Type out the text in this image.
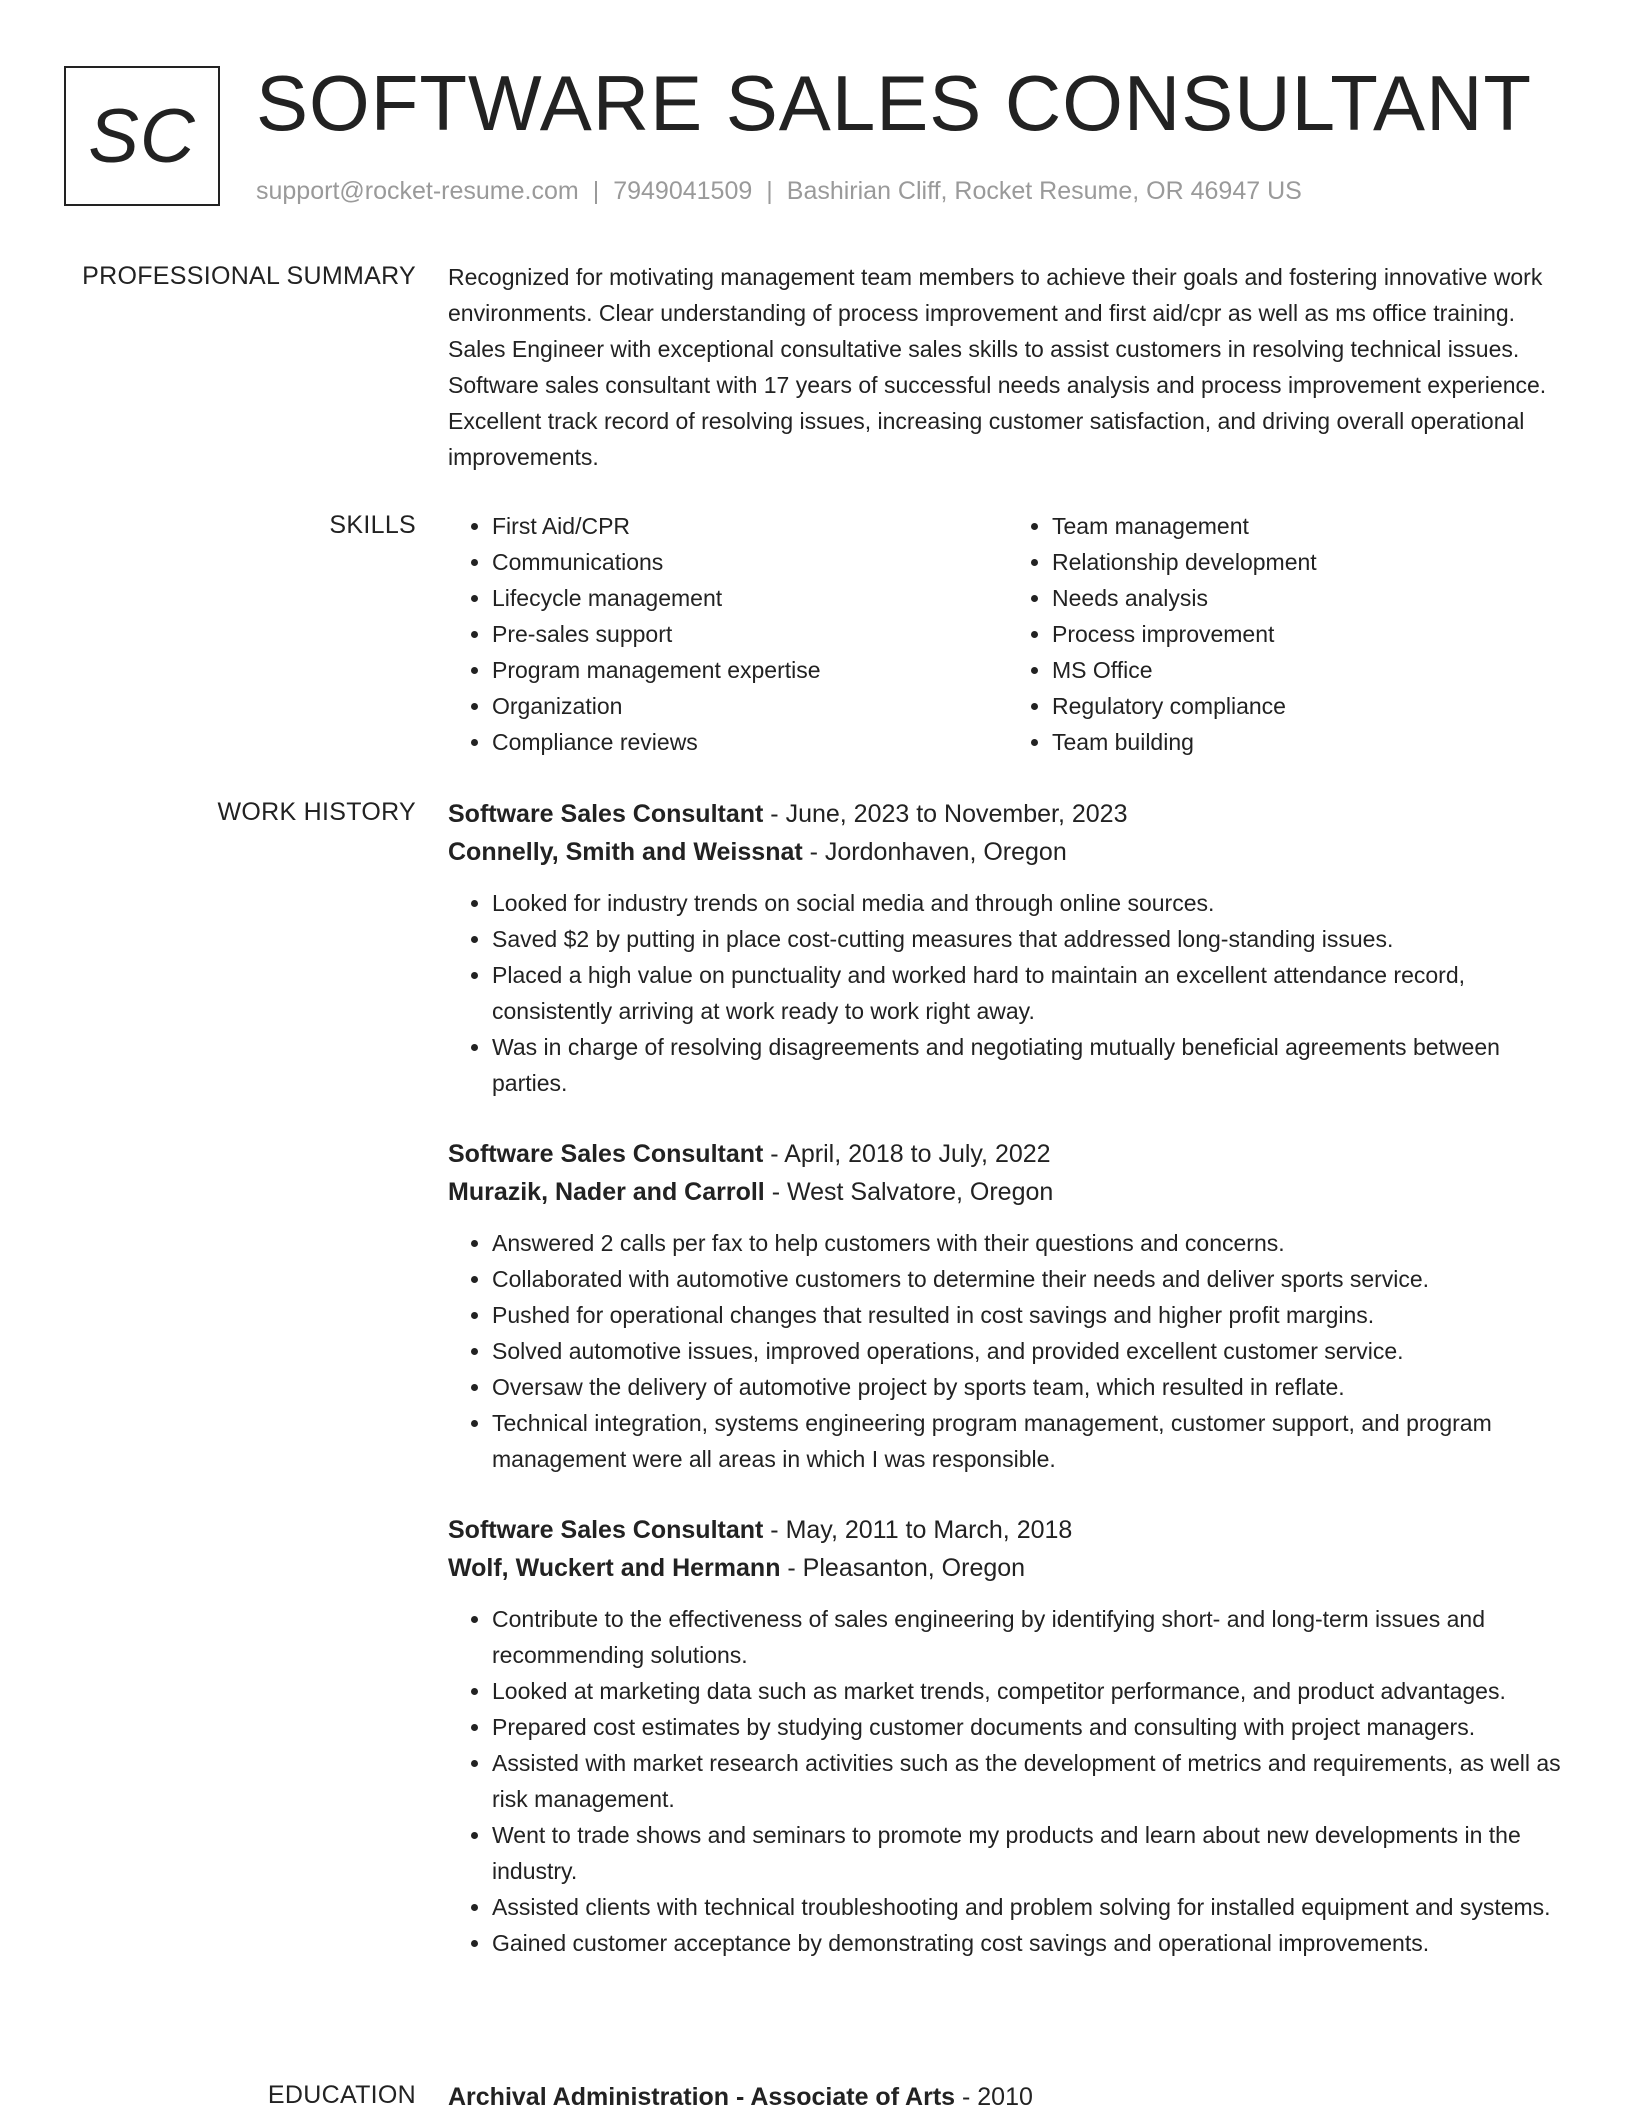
SC SOFTWARE SALES CONSULTANT
support@rocket-resume.com | 7949041509 | Bashirian Cliff, Rocket Resume, OR 46947 US
PROFESSIONAL SUMMARY Recognized for motivating management team members to achieve their goals and fostering innovative work environments. Clear understanding of process improvement and first aid/cpr as well as ms office training. Sales Engineer with exceptional consultative sales skills to assist customers in resolving technical issues. Software sales consultant with 17 years of successful needs analysis and process improvement experience. Excellent track record of resolving issues, increasing customer satisfaction, and driving overall operational improvements.

SKILLS
•	First Aid/CPR
• Communications
• Lifecycle management
• Pre-sales support
• Program management expertise
• Organization
• Compliance reviews
• Team management
• Relationship development
• Needs analysis
• Process improvement
• MS Office
• Regulatory compliance
• Team building
WORK HISTORY Software Sales Consultant - June, 2023 to November, 2023
Connelly, Smith and Weissnat - Jordonhaven, Oregon
• Looked for industry trends on social media and through online sources.
• Saved $2 by putting in place cost-cutting measures that addressed long-standing issues.
• Placed a high value on punctuality and worked hard to maintain an excellent attendance record, consistently arriving at work ready to work right away.
• Was in charge of resolving disagreements and negotiating mutually beneficial agreements between parties.
Software Sales Consultant - April, 2018 to July, 2022
Murazik, Nader and Carroll - West Salvatore, Oregon
• Answered 2 calls per fax to help customers with their questions and concerns.
• Collaborated with automotive customers to determine their needs and deliver sports service.
• Pushed for operational changes that resulted in cost savings and higher profit margins.
• Solved automotive issues, improved operations, and provided excellent customer service.
• Oversaw the delivery of automotive project by sports team, which resulted in reflate.
• Technical integration, systems engineering program management, customer support, and program management were all areas in which I was responsible.
Software Sales Consultant - May, 2011 to March, 2018
Wolf, Wuckert and Hermann - Pleasanton, Oregon
• Contribute to the effectiveness of sales engineering by identifying short- and long-term issues and recommending solutions.
• Looked at marketing data such as market trends, competitor performance, and product advantages.
• Prepared cost estimates by studying customer documents and consulting with project managers.
• Assisted with market research activities such as the development of metrics and requirements, as well as risk management.
• Went to trade shows and seminars to promote my products and learn about new developments in the industry.
• Assisted clients with technical troubleshooting and problem solving for installed equipment and systems.
• Gained customer acceptance by demonstrating cost savings and operational improvements.
EDUCATION Archival Administration - Associate of Arts - 2010
